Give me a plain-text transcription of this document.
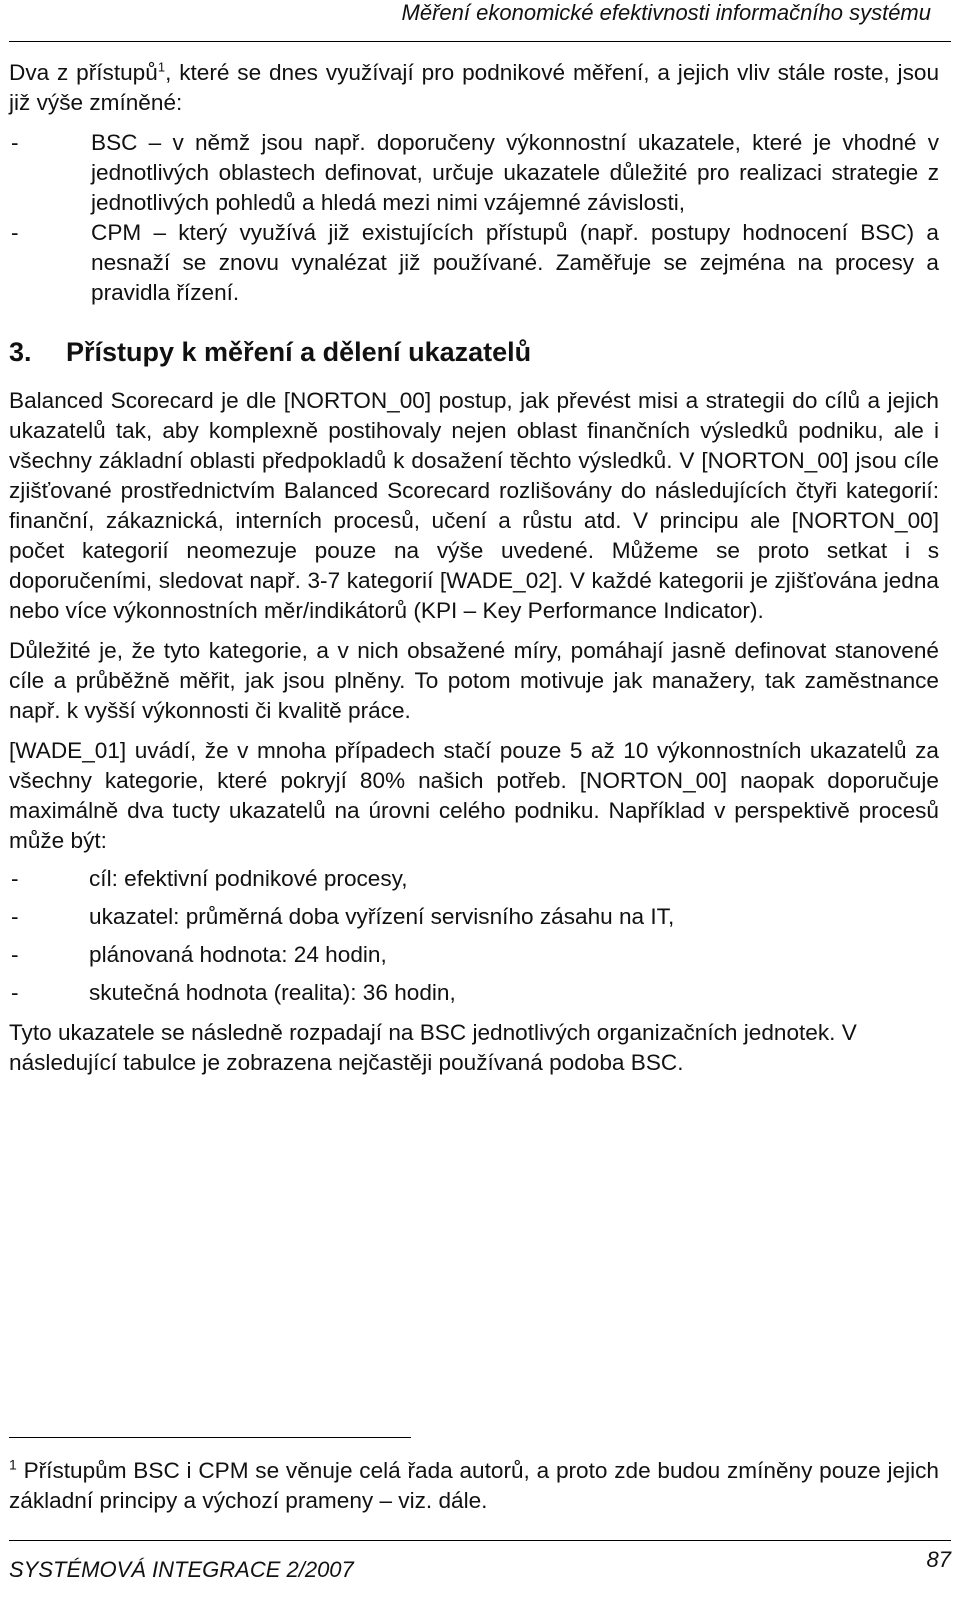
Měření ekonomické efektivnosti informačního systému

Dva z přístupů$^1$, které se dnes využívají pro podnikové měření, a jejich vliv stále roste, jsou již výše zmíněné:

-	BSC – v němž jsou např. doporučeny výkonnostní ukazatele, které je vhodné v jednotlivých oblastech definovat, určuje ukazatele důležité pro realizaci strategie z jednotlivých pohledů a hledá mezi nimi vzájemné závislosti,
-	CPM – který využívá již existujících přístupů (např. postupy hodnocení BSC) a nesnaží se znovu vynalézat již používané. Zaměřuje se zejména na procesy a pravidla řízení.
3.	Přístupy k měření a dělení ukazatelů

Balanced Scorecard je dle [NORTON_00] postup, jak převést misi a strategii do cílů a jejich ukazatelů tak, aby komplexně postihovaly nejen oblast finančních výsledků podniku, ale i všechny základní oblasti předpokladů k dosažení těchto výsledků. V [NORTON_00] jsou cíle zjišťované prostřednictvím Balanced Scorecard rozlišovány do následujících čtyři kategorií: finanční, zákaznická, interních procesů, učení a růstu atd. V principu ale [NORTON_00] počet kategorií neomezuje pouze na výše uvedené. Můžeme se proto setkat i s doporučeními, sledovat např. 3-7 kategorií [WADE_02]. V každé kategorii je zjišťována jedna nebo více výkonnostních měr/indikátorů (KPI – Key Performance Indicator).

Důležité je, že tyto kategorie, a v nich obsažené míry, pomáhají jasně definovat stanovené cíle a průběžně měřit, jak jsou plněny. To potom motivuje jak manažery, tak zaměstnance např. k vyšší výkonnosti či kvalitě práce.

[WADE_01] uvádí, že v mnoha případech stačí pouze 5 až 10 výkonnostních ukazatelů za všechny kategorie, které pokryjí 80% našich potřeb. [NORTON_00] naopak doporučuje maximálně dva tucty ukazatelů na úrovni celého podniku. Například v perspektivě procesů může být:

-	cíl: efektivní podnikové procesy,
-	ukazatel: průměrná doba vyřízení servisního zásahu na IT,
-	plánovaná hodnota: 24 hodin,
-	skutečná hodnota (realita): 36 hodin,

Tyto ukazatele se následně rozpadají na BSC jednotlivých organizačních jednotek. V následující tabulce je zobrazena nejčastěji používaná podoba BSC.

$^1$ Přístupům BSC i CPM se věnuje celá řada autorů, a proto zde budou zmíněny pouze jejich základní principy a výchozí prameny – viz. dále.
SYSTÉMOVÁ INTEGRACE 2/2007	87
